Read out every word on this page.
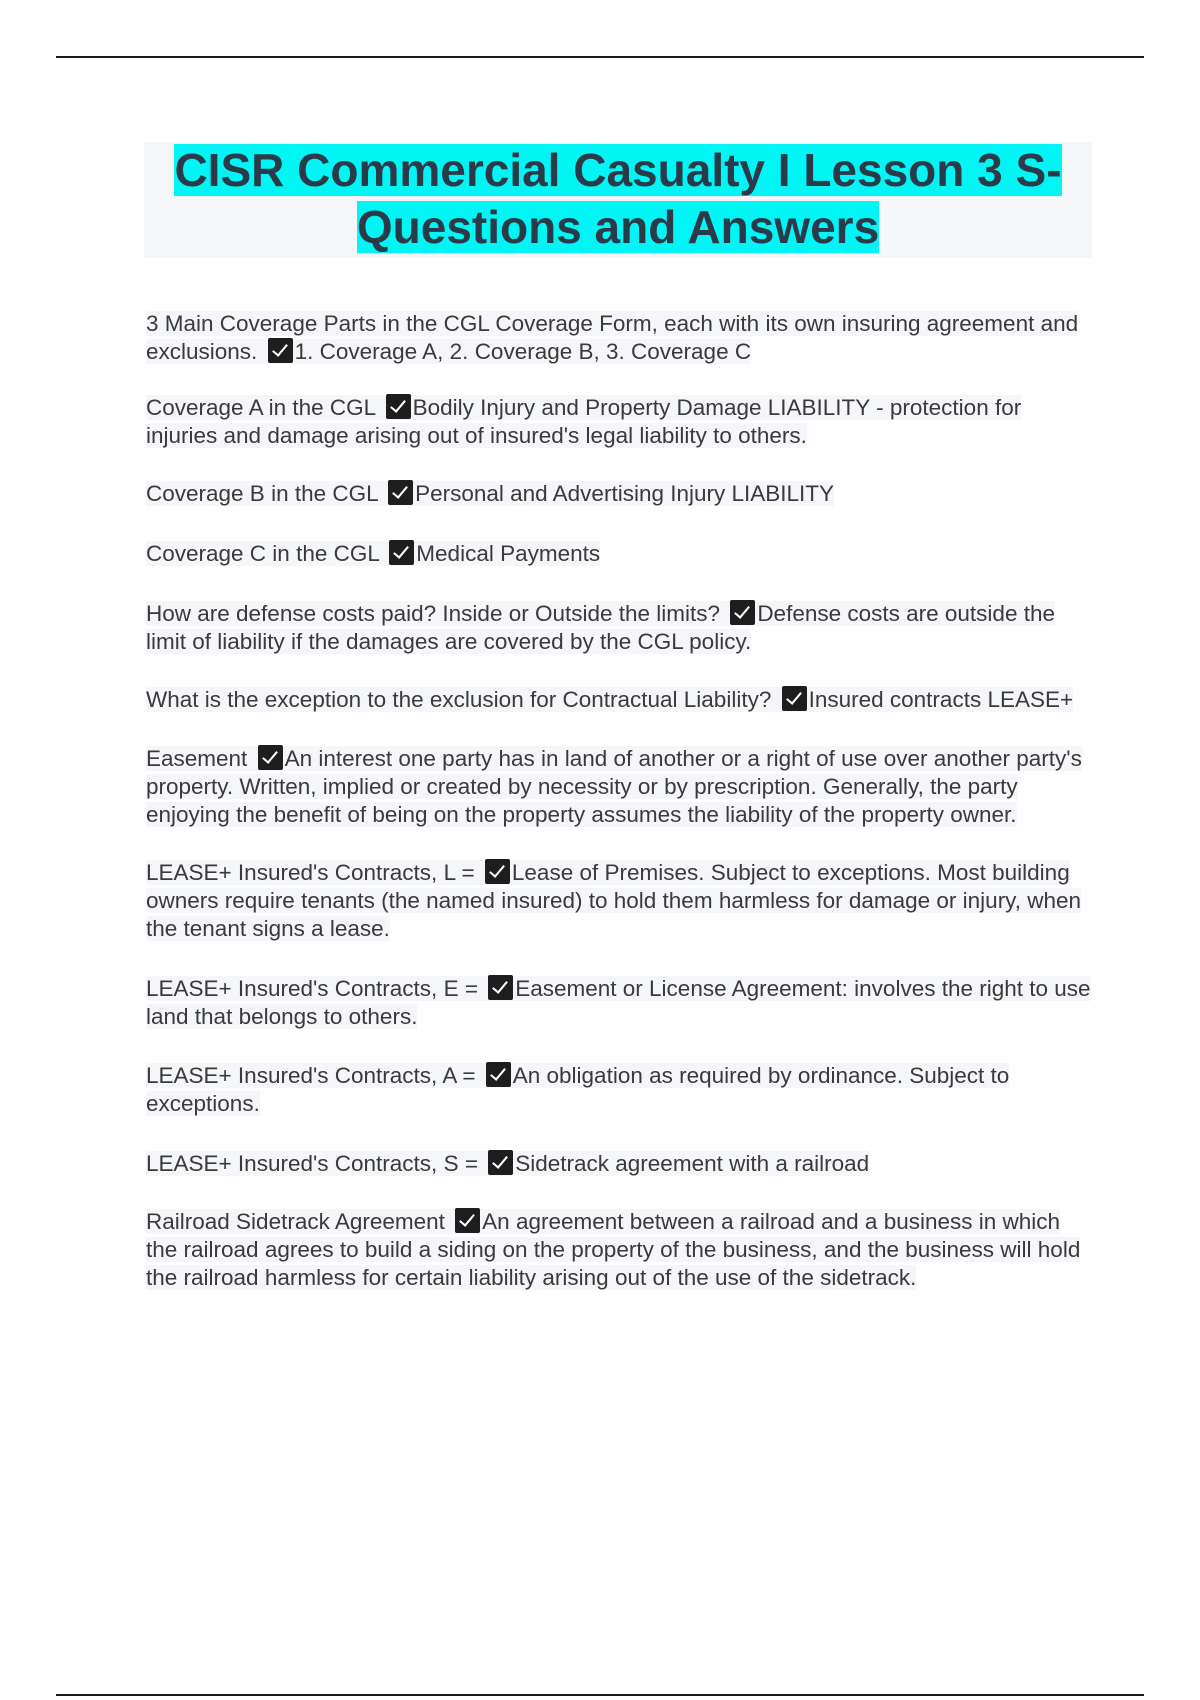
CISR Commercial Casualty I Lesson 3 S-
Questions and Answers
3 Main Coverage Parts in the CGL Coverage Form, each with its own insuring agreement and exclusions. 1. Coverage A, 2. Coverage B, 3. Coverage C
Coverage A in the CGL Bodily Injury and Property Damage LIABILITY - protection for injuries and damage arising out of insured's legal liability to others.
Coverage B in the CGL Personal and Advertising Injury LIABILITY
Coverage C in the CGL Medical Payments
How are defense costs paid? Inside or Outside the limits? Defense costs are outside the limit of liability if the damages are covered by the CGL policy.
What is the exception to the exclusion for Contractual Liability? Insured contracts LEASE+
Easement An interest one party has in land of another or a right of use over another party's property. Written, implied or created by necessity or by prescription. Generally, the party enjoying the benefit of being on the property assumes the liability of the property owner.
LEASE+ Insured's Contracts, L = Lease of Premises. Subject to exceptions. Most building owners require tenants (the named insured) to hold them harmless for damage or injury, when the tenant signs a lease.
LEASE+ Insured's Contracts, E = Easement or License Agreement: involves the right to use land that belongs to others.
LEASE+ Insured's Contracts, A = An obligation as required by ordinance. Subject to exceptions.
LEASE+ Insured's Contracts, S = Sidetrack agreement with a railroad
Railroad Sidetrack Agreement An agreement between a railroad and a business in which the railroad agrees to build a siding on the property of the business, and the business will hold the railroad harmless for certain liability arising out of the use of the sidetrack.
